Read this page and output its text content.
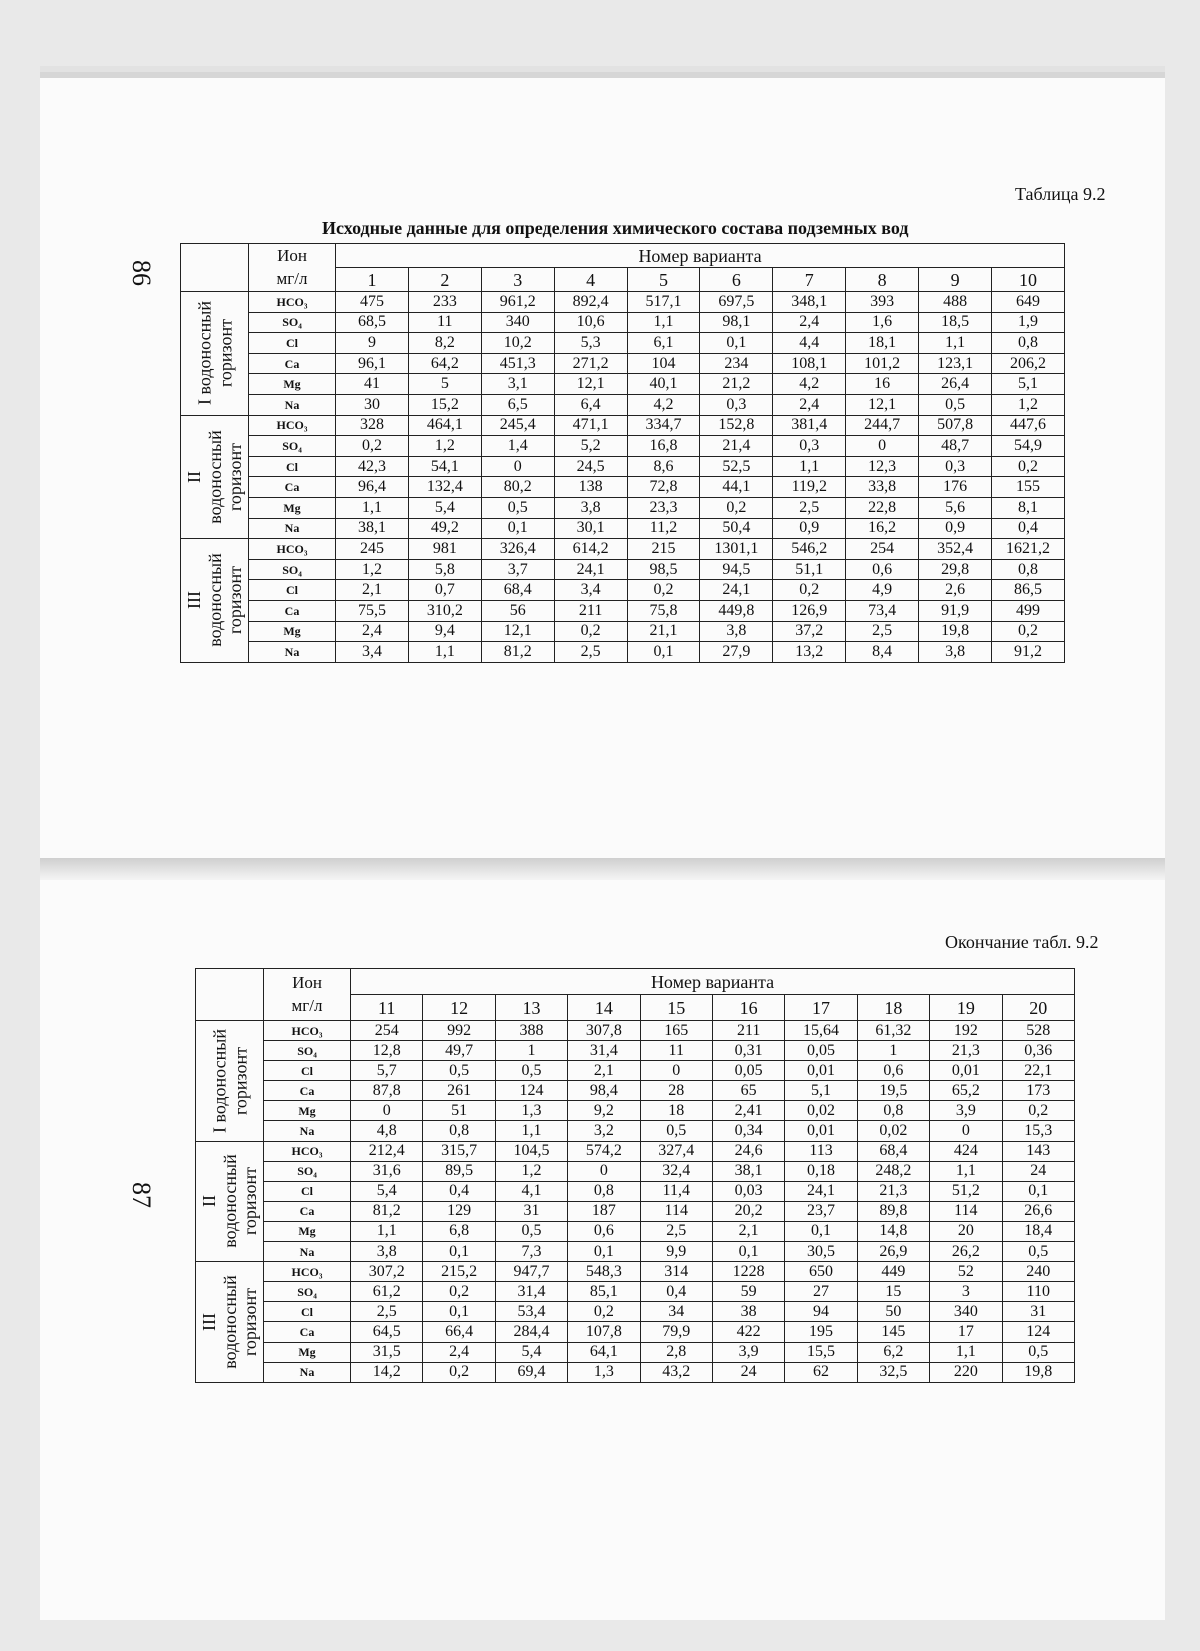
86
Таблица 9.2
Исходные данные для определения химического состава подземных вод
	Ион
мг/л	Номер варианта									
		1	2	3	4	5	6	7	8	9	10

I водоносный
горизонт	HCO₃	475	233	961,2	892,4	517,1	697,5	348,1	393	488	649
	SO₄	68,5	11	340	10,6	1,1	98,1	2,4	1,6	18,5	1,9
	Cl	9	8,2	10,2	5,3	6,1	0,1	4,4	18,1	1,1	0,8
	Ca	96,1	64,2	451,3	271,2	104	234	108,1	101,2	123,1	206,2
	Mg	41	5	3,1	12,1	40,1	21,2	4,2	16	26,4	5,1
	Na	30	15,2	6,5	6,4	4,2	0,3	2,4	12,1	0,5	1,2

II
водоносный
горизонт	HCO₃	328	464,1	245,4	471,1	334,7	152,8	381,4	244,7	507,8	447,6
	SO₄	0,2	1,2	1,4	5,2	16,8	21,4	0,3	0	48,7	54,9
	Cl	42,3	54,1	0	24,5	8,6	52,5	1,1	12,3	0,3	0,2
	Ca	96,4	132,4	80,2	138	72,8	44,1	119,2	33,8	176	155
	Mg	1,1	5,4	0,5	3,8	23,3	0,2	2,5	22,8	5,6	8,1
	Na	38,1	49,2	0,1	30,1	11,2	50,4	0,9	16,2	0,9	0,4

III
водоносный
горизонт	HCO₃	245	981	326,4	614,2	215	1301,1	546,2	254	352,4	1621,2
	SO₄	1,2	5,8	3,7	24,1	98,5	94,5	51,1	0,6	29,8	0,8
	Cl	2,1	0,7	68,4	3,4	0,2	24,1	0,2	4,9	2,6	86,5
	Ca	75,5	310,2	56	211	75,8	449,8	126,9	73,4	91,9	499
	Mg	2,4	9,4	12,1	0,2	21,1	3,8	37,2	2,5	19,8	0,2
	Na	3,4	1,1	81,2	2,5	0,1	27,9	13,2	8,4	3,8	91,2
87
Окончание табл. 9.2
	Ион
мг/л	Номер варианта									
		11	12	13	14	15	16	17	18	19	20

I водоносный
горизонт	HCO₃	254	992	388	307,8	165	211	15,64	61,32	192	528
	SO₄	12,8	49,7	1	31,4	11	0,31	0,05	1	21,3	0,36
	Cl	5,7	0,5	0,5	2,1	0	0,05	0,01	0,6	0,01	22,1
	Ca	87,8	261	124	98,4	28	65	5,1	19,5	65,2	173
	Mg	0	51	1,3	9,2	18	2,41	0,02	0,8	3,9	0,2
	Na	4,8	0,8	1,1	3,2	0,5	0,34	0,01	0,02	0	15,3

II
водоносный
горизонт	HCO₃	212,4	315,7	104,5	574,2	327,4	24,6	113	68,4	424	143
	SO₄	31,6	89,5	1,2	0	32,4	38,1	0,18	248,2	1,1	24
	Cl	5,4	0,4	4,1	0,8	11,4	0,03	24,1	21,3	51,2	0,1
	Ca	81,2	129	31	187	114	20,2	23,7	89,8	114	26,6
	Mg	1,1	6,8	0,5	0,6	2,5	2,1	0,1	14,8	20	18,4
	Na	3,8	0,1	7,3	0,1	9,9	0,1	30,5	26,9	26,2	0,5

III
водоносный
горизонт	HCO₃	307,2	215,2	947,7	548,3	314	1228	650	449	52	240
	SO₄	61,2	0,2	31,4	85,1	0,4	59	27	15	3	110
	Cl	2,5	0,1	53,4	0,2	34	38	94	50	340	31
	Ca	64,5	66,4	284,4	107,8	79,9	422	195	145	17	124
	Mg	31,5	2,4	5,4	64,1	2,8	3,9	15,5	6,2	1,1	0,5
	Na	14,2	0,2	69,4	1,3	43,2	24	62	32,5	220	19,8
